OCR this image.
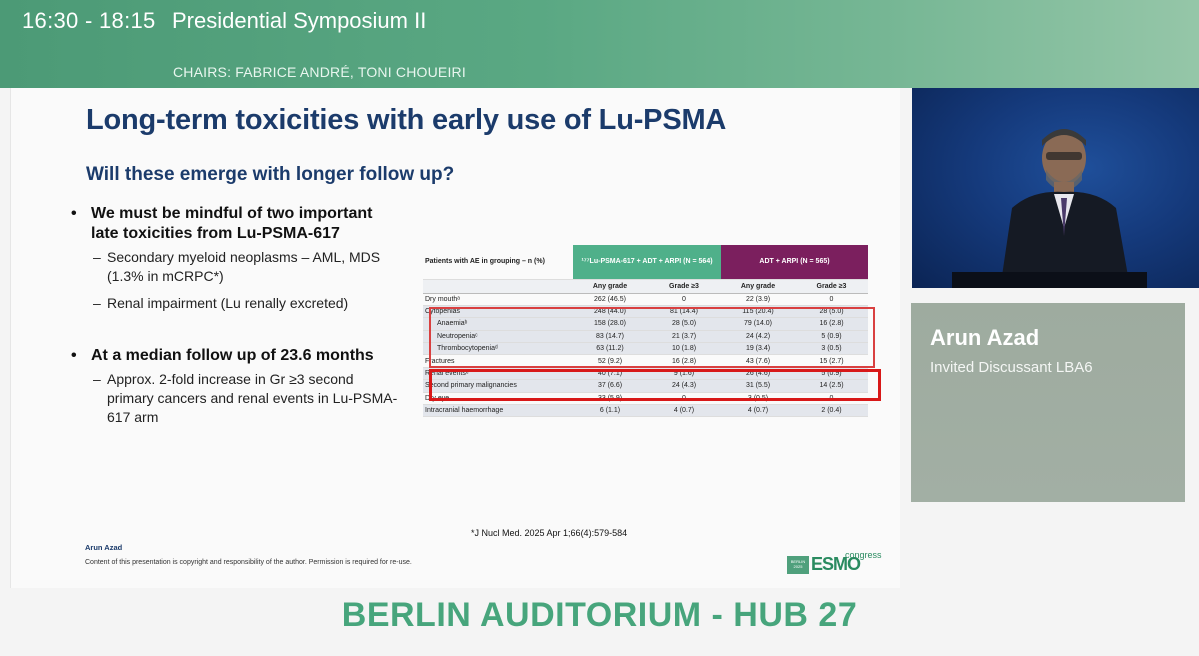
16:30 - 18:15 Presidential Symposium II
CHAIRS: FABRICE ANDRÉ, TONI CHOUEIRI
Long-term toxicities with early use of Lu-PSMA
Will these emerge with longer follow up?
• We must be mindful of two important late toxicities from Lu-PSMA-617
– Secondary myeloid neoplasms – AML, MDS (1.3% in mCRPC*)
– Renal impairment (Lu renally excreted)
• At a median follow up of 23.6 months
– Approx. 2-fold increase in Gr ≥3 second primary cancers and renal events in Lu-PSMA-617 arm
Patients with AE in grouping – n (%)	¹⁷⁷Lu-PSMA-617 + ADT + ARPI (N = 564)		ADT + ARPI (N = 565)	
	Any grade	Grade ≥3	Any grade	Grade ≥3
Dry mouthᵃ	262 (46.5)	0	22 (3.9)	0
Cytopenias	248 (44.0)	81 (14.4)	115 (20.4)	28 (5.0)
Anaemiaᵇ	158 (28.0)	28 (5.0)	79 (14.0)	16 (2.8)
Neutropeniaᶜ	83 (14.7)	21 (3.7)	24 (4.2)	5 (0.9)
Thrombocytopeniaᵈ	63 (11.2)	10 (1.8)	19 (3.4)	3 (0.5)
Fractures	52 (9.2)	16 (2.8)	43 (7.6)	15 (2.7)
Renal eventsᵉ	40 (7.1)	9 (1.6)	26 (4.6)	5 (0.9)
Second primary malignancies	37 (6.6)	24 (4.3)	31 (5.5)	14 (2.5)
Dry eye	33 (5.9)	0	3 (0.5)	0
Intracranial haemorrhage	6 (1.1)	4 (0.7)	4 (0.7)	2 (0.4)
*J Nucl Med. 2025 Apr 1;66(4):579-584
Arun Azad
Content of this presentation is copyright and responsibility of the author. Permission is required for re-use.	BERLIN 2025 ESMO
congress
Arun Azad
Invited Discussant LBA6
BERLIN AUDITORIUM - HUB 27
